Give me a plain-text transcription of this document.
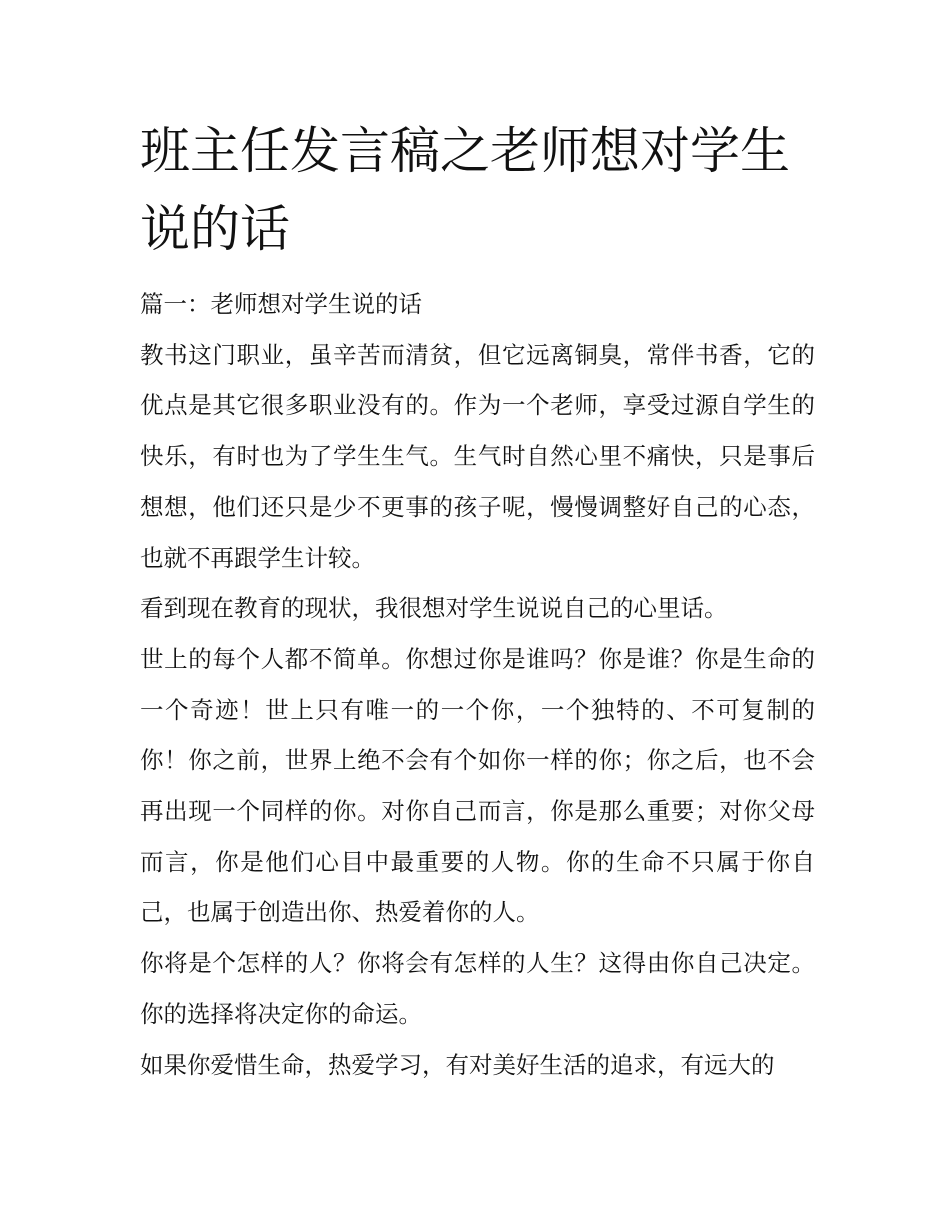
班主任发言稿之老师想对学生说的话

篇一：老师想对学生说的话

教书这门职业，虽辛苦而清贫，但它远离铜臭，常伴书香，它的优点是其它很多职业没有的。作为一个老师，享受过源自学生的快乐，有时也为了学生生气。生气时自然心里不痛快，只是事后想想，他们还只是少不更事的孩子呢，慢慢调整好自己的心态，也就不再跟学生计较。

看到现在教育的现状，我很想对学生说说自己的心里话。

世上的每个人都不简单。你想过你是谁吗？你是谁？你是生命的一个奇迹！世上只有唯一的一个你，一个独特的、不可复制的你！你之前，世界上绝不会有个如你一样的你；你之后，也不会再出现一个同样的你。对你自己而言，你是那么重要；对你父母而言，你是他们心目中最重要的人物。你的生命不只属于你自己，也属于创造出你、热爱着你的人。

你将是个怎样的人？你将会有怎样的人生？这得由你自己决定。你的选择将决定你的命运。

如果你爱惜生命，热爱学习，有对美好生活的追求，有远大的
